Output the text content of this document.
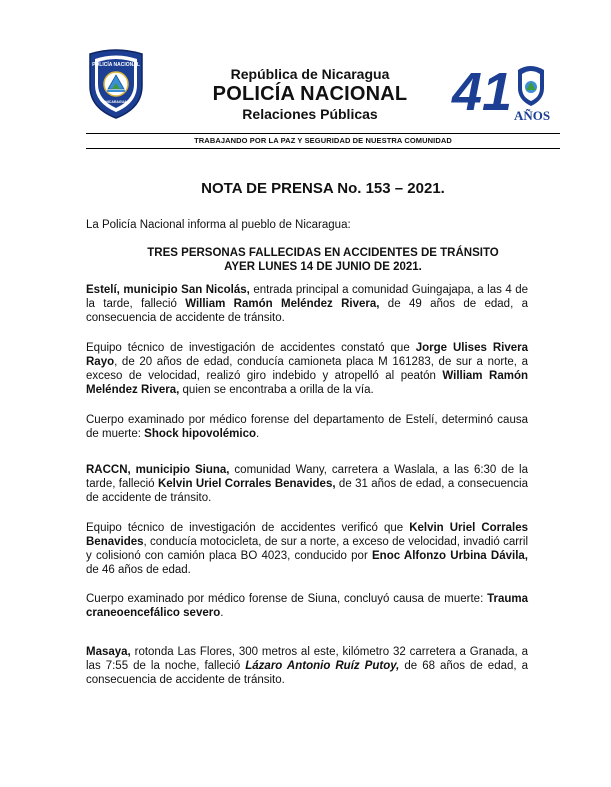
POLICÍA NACIONAL
NICARAGUA
República de Nicaragua
POLICÍA NACIONAL
Relaciones Públicas	41 AÑOS
TRABAJANDO POR LA PAZ Y SEGURIDAD DE NUESTRA COMUNIDAD
NOTA DE PRENSA No. 153 – 2021.
La Policía Nacional informa al pueblo de Nicaragua:
TRES PERSONAS FALLECIDAS EN ACCIDENTES DE TRÁNSITO
AYER LUNES 14 DE JUNIO DE 2021.
Estelí, municipio San Nicolás, entrada principal a comunidad Guingajapa, a las 4 de la tarde, falleció William Ramón Meléndez Rivera, de 49 años de edad, a consecuencia de accidente de tránsito.
Equipo técnico de investigación de accidentes constató que Jorge Ulises Rivera Rayo, de 20 años de edad, conducía camioneta placa M 161283, de sur a norte, a exceso de velocidad, realizó giro indebido y atropelló al peatón William Ramón Meléndez Rivera, quien se encontraba a orilla de la vía.
Cuerpo examinado por médico forense del departamento de Estelí, determinó causa de muerte: Shock hipovolémico.
RACCN, municipio Siuna, comunidad Wany, carretera a Waslala, a las 6:30 de la tarde, falleció Kelvin Uriel Corrales Benavides, de 31 años de edad, a consecuencia de accidente de tránsito.
Equipo técnico de investigación de accidentes verificó que Kelvin Uriel Corrales Benavides, conducía motocicleta, de sur a norte, a exceso de velocidad, invadió carril y colisionó con camión placa BO 4023, conducido por Enoc Alfonzo Urbina Dávila, de 46 años de edad.
Cuerpo examinado por médico forense de Siuna, concluyó causa de muerte: Trauma craneoencefálico severo.
Masaya, rotonda Las Flores, 300 metros al este, kilómetro 32 carretera a Granada, a las 7:55 de la noche, falleció Lázaro Antonio Ruíz Putoy, de 68 años de edad, a consecuencia de accidente de tránsito.
